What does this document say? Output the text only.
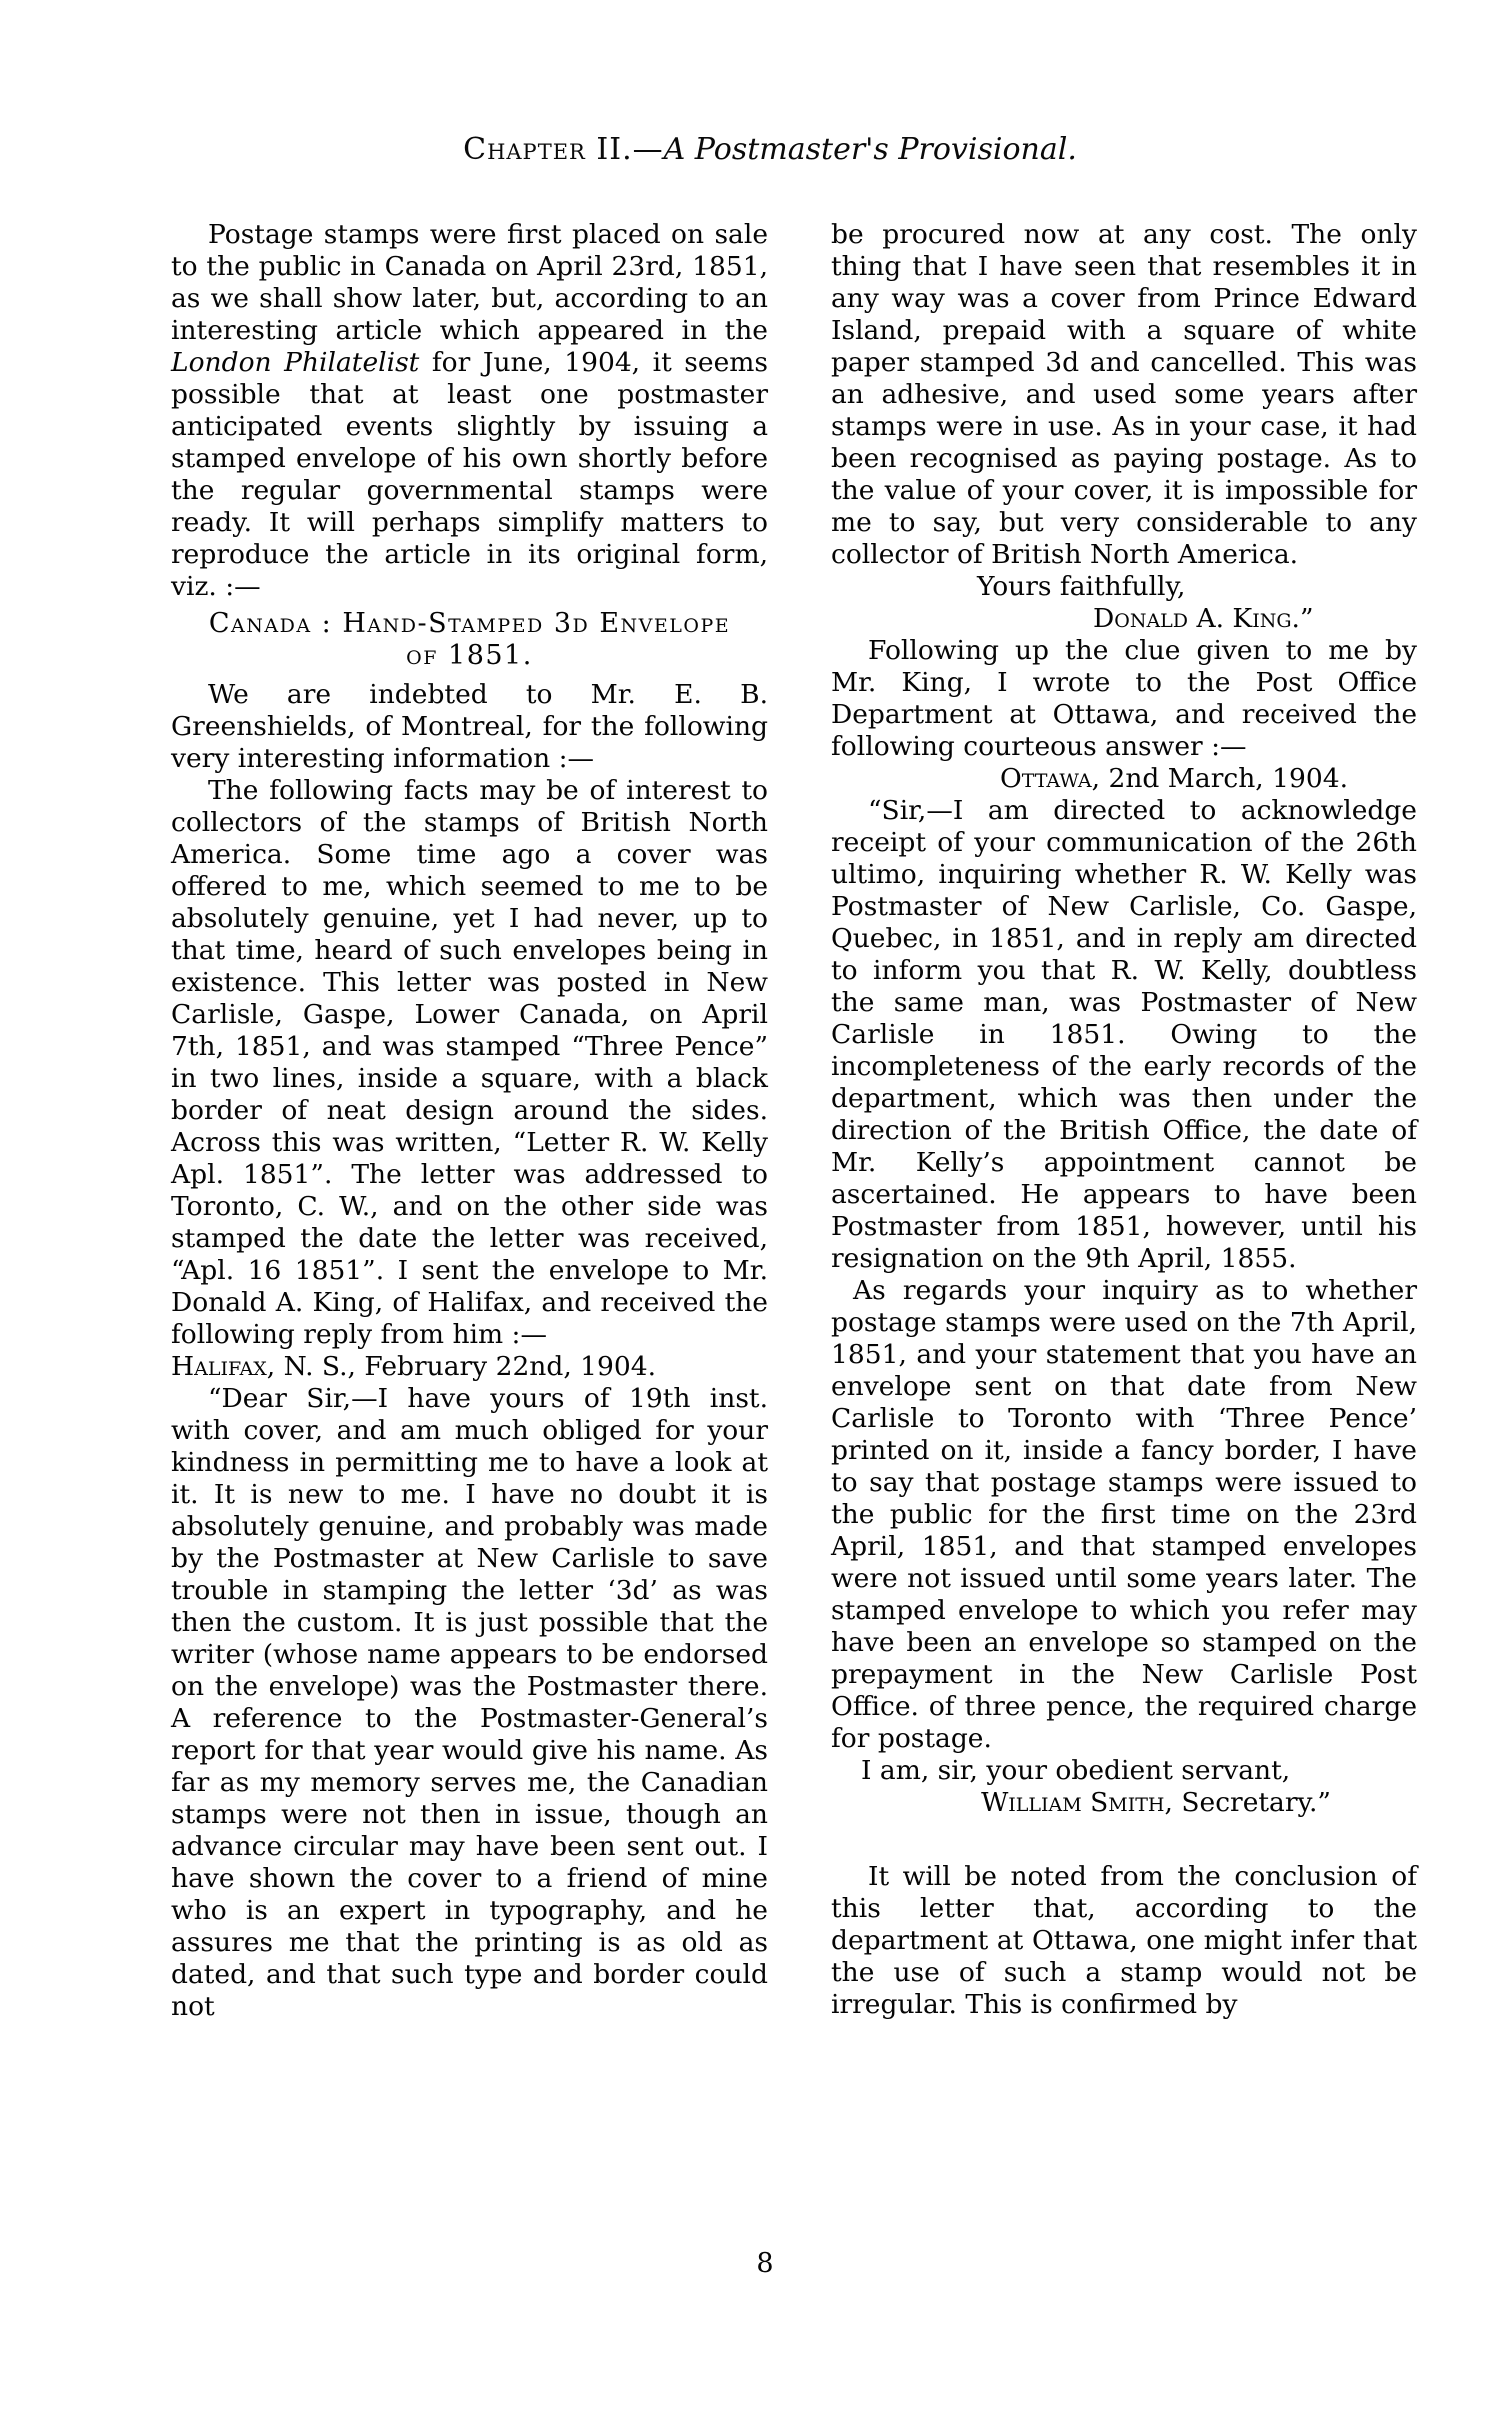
Chapter II.—A Postmaster's Provisional.

Postage stamps were first placed on sale to the public in Canada on April 23rd, 1851, as we shall show later, but, according to an interesting article which appeared in the London Philatelist for June, 1904, it seems possible that at least one postmaster anticipated events slightly by issuing a stamped envelope of his own shortly before the regular governmental stamps were ready. It will perhaps simplify matters to reproduce the article in its original form, viz. :—

Canada : Hand-Stamped 3d Envelope
of 1851.

We are indebted to Mr. E. B. Greenshields, of Montreal, for the following very interesting information :—

The following facts may be of interest to collectors of the stamps of British North America. Some time ago a cover was offered to me, which seemed to me to be absolutely genuine, yet I had never, up to that time, heard of such envelopes being in existence. This letter was posted in New Carlisle, Gaspe, Lower Canada, on April 7th, 1851, and was stamped “Three Pence” in two lines, inside a square, with a black border of neat design around the sides. Across this was written, “Letter R. W. Kelly Apl. 1851”. The letter was addressed to Toronto, C. W., and on the other side was stamped the date the letter was received, “Apl. 16 1851”. I sent the envelope to Mr. Donald A. King, of Halifax, and received the following reply from him :—

Halifax, N. S., February 22nd, 1904.

“Dear Sir,—I have yours of 19th inst. with cover, and am much obliged for your kindness in permitting me to have a look at it. It is new to me. I have no doubt it is absolutely genuine, and probably was made by the Postmaster at New Carlisle to save trouble in stamping the letter ‘3d’ as was then the custom. It is just possible that the writer (whose name appears to be endorsed on the envelope) was the Postmaster there. A reference to the Postmaster-General’s report for that year would give his name. As far as my memory serves me, the Canadian stamps were not then in issue, though an advance circular may have been sent out. I have shown the cover to a friend of mine who is an expert in typography, and he assures me that the printing is as old as dated, and that such type and border could not

be procured now at any cost. The only thing that I have seen that resembles it in any way was a cover from Prince Edward Island, prepaid with a square of white paper stamped 3d and cancelled. This was an adhesive, and used some years after stamps were in use. As in your case, it had been recognised as paying postage. As to the value of your cover, it is impossible for me to say, but very considerable to any collector of British North America.

Yours faithfully,

Donald A. King.”

Following up the clue given to me by Mr. King, I wrote to the Post Office Department at Ottawa, and received the following courteous answer :—

Ottawa, 2nd March, 1904.

“Sir,—I am directed to acknowledge receipt of your communication of the 26th ultimo, inquiring whether R. W. Kelly was Postmaster of New Carlisle, Co. Gaspe, Quebec, in 1851, and in reply am directed to inform you that R. W. Kelly, doubtless the same man, was Postmaster of New Carlisle in 1851. Owing to the incompleteness of the early records of the department, which was then under the direction of the British Office, the date of Mr. Kelly’s appointment cannot be ascertained. He appears to have been Postmaster from 1851, however, until his resignation on the 9th April, 1855.

As regards your inquiry as to whether postage stamps were used on the 7th April, 1851, and your statement that you have an envelope sent on that date from New Carlisle to Toronto with ‘Three Pence’ printed on it, inside a fancy border, I have to say that postage stamps were issued to the public for the first time on the 23rd April, 1851, and that stamped envelopes were not issued until some years later. The stamped envelope to which you refer may have been an envelope so stamped on the prepayment in the New Carlisle Post Office. of three pence, the required charge for postage.

I am, sir, your obedient servant,

William Smith, Secretary.”

It will be noted from the conclusion of this letter that, according to the department at Ottawa, one might infer that the use of such a stamp would not be irregular. This is confirmed by

8
